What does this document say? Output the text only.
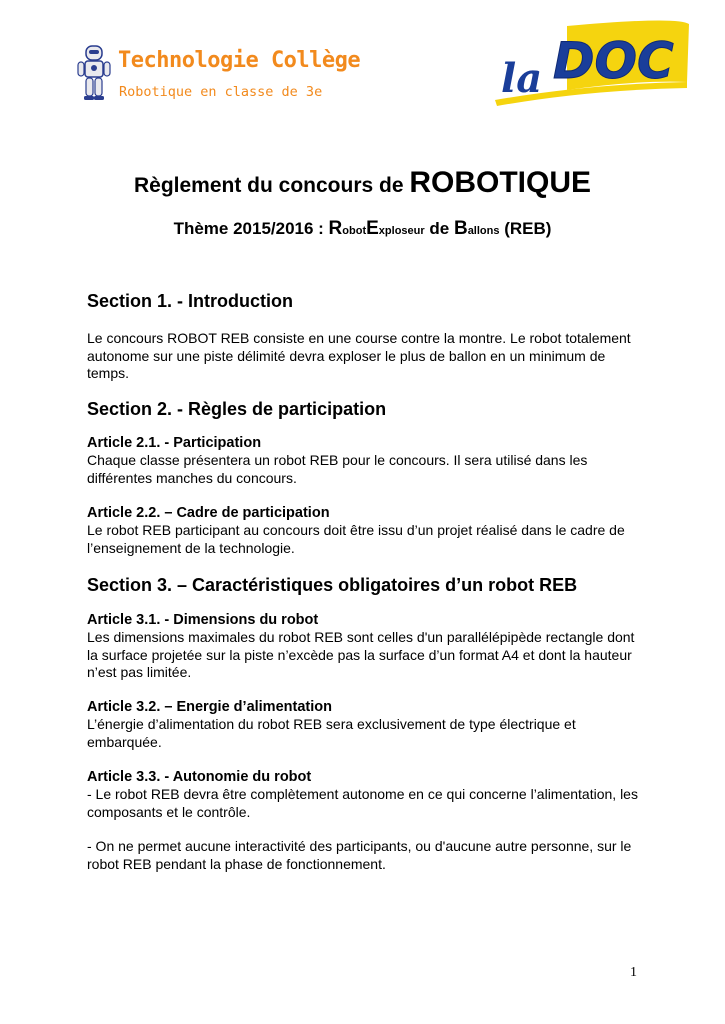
Technologie Collège
Robotique en classe de 3e	la DOC
Règlement du concours de ROBOTIQUE
Thème 2015/2016 : RobotExploseur de Ballons (REB)
Section 1. - Introduction

Le concours ROBOT REB consiste en une course contre la montre. Le robot totalement autonome sur une piste délimité devra exploser le plus de ballon en un minimum de temps.

Section 2. - Règles de participation
Article 2.1. - Participation

Chaque classe présentera un robot REB pour le concours. Il sera utilisé dans les différentes manches du concours.

Article 2.2. – Cadre de participation

Le robot REB participant au concours doit être issu d’un projet réalisé dans le cadre de l’enseignement de la technologie.

Section 3. – Caractéristiques obligatoires d’un robot REB
Article 3.1. - Dimensions du robot

Les dimensions maximales du robot REB sont celles d'un parallélépipède rectangle dont la surface projetée sur la piste n’excède pas la surface d’un format A4 et dont la hauteur n’est pas limitée.

Article 3.2. – Energie d’alimentation

L’énergie d’alimentation du robot REB sera exclusivement de type électrique et embarquée.

Article 3.3. - Autonomie du robot

- Le robot REB devra être complètement autonome en ce qui concerne l’alimentation, les composants et le contrôle.

- On ne permet aucune interactivité des participants, ou d'aucune autre personne, sur le robot REB pendant la phase de fonctionnement.

1
